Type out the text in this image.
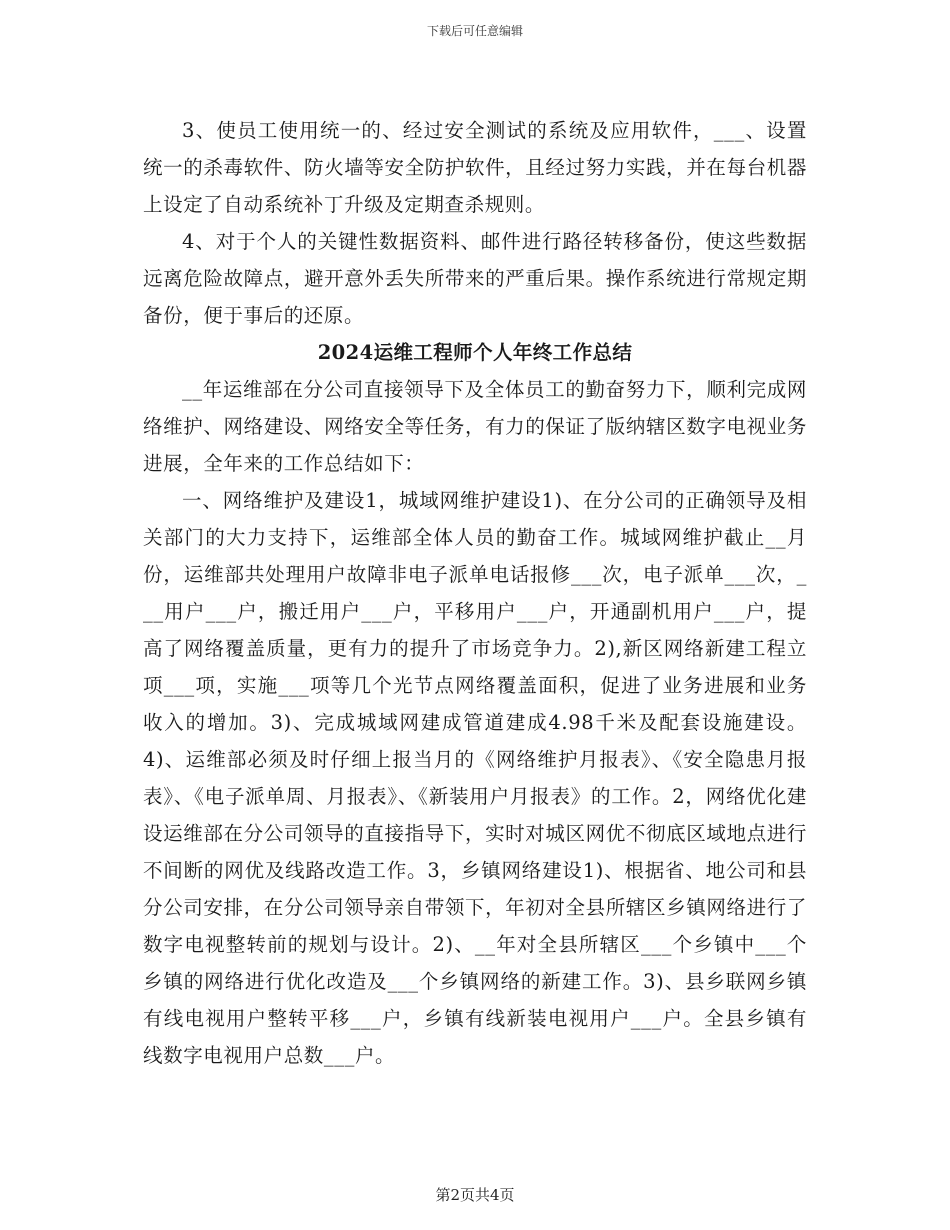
下载后可任意编辑

3、使员工使用统一的、经过安全测试的系统及应用软件，___、设置统一的杀毒软件、防火墙等安全防护软件，且经过努力实践，并在每台机器上设定了自动系统补丁升级及定期查杀规则。

4、对于个人的关键性数据资料、邮件进行路径转移备份，使这些数据远离危险故障点，避开意外丢失所带来的严重后果。操作系统进行常规定期备份，便于事后的还原。

2024运维工程师个人年终工作总结

__年运维部在分公司直接领导下及全体员工的勤奋努力下，顺利完成网络维护、网络建设、网络安全等任务，有力的保证了版纳辖区数字电视业务进展，全年来的工作总结如下：

一、网络维护及建设1，城域网维护建设1)、在分公司的正确领导及相关部门的大力支持下，运维部全体人员的勤奋工作。城域网维护截止__月份，运维部共处理用户故障非电子派单电话报修___次，电子派单___次，___用户___户，搬迁用户___户，平移用户___户，开通副机用户___户，提高了网络覆盖质量，更有力的提升了市场竞争力。2),新区网络新建工程立项___项，实施___项等几个光节点网络覆盖面积，促进了业务进展和业务收入的增加。3)、完成城域网建成管道建成4.98千米及配套设施建设。4)、运维部必须及时仔细上报当月的《网络维护月报表》、《安全隐患月报表》、《电子派单周、月报表》、《新装用户月报表》的工作。2，网络优化建设运维部在分公司领导的直接指导下，实时对城区网优不彻底区域地点进行不间断的网优及线路改造工作。3，乡镇网络建设1)、根据省、地公司和县分公司安排，在分公司领导亲自带领下，年初对全县所辖区乡镇网络进行了数字电视整转前的规划与设计。2)、__年对全县所辖区___个乡镇中___个乡镇的网络进行优化改造及___个乡镇网络的新建工作。3)、县乡联网乡镇有线电视用户整转平移___户，乡镇有线新装电视用户___户。全县乡镇有线数字电视用户总数___户。

第2页共4页
